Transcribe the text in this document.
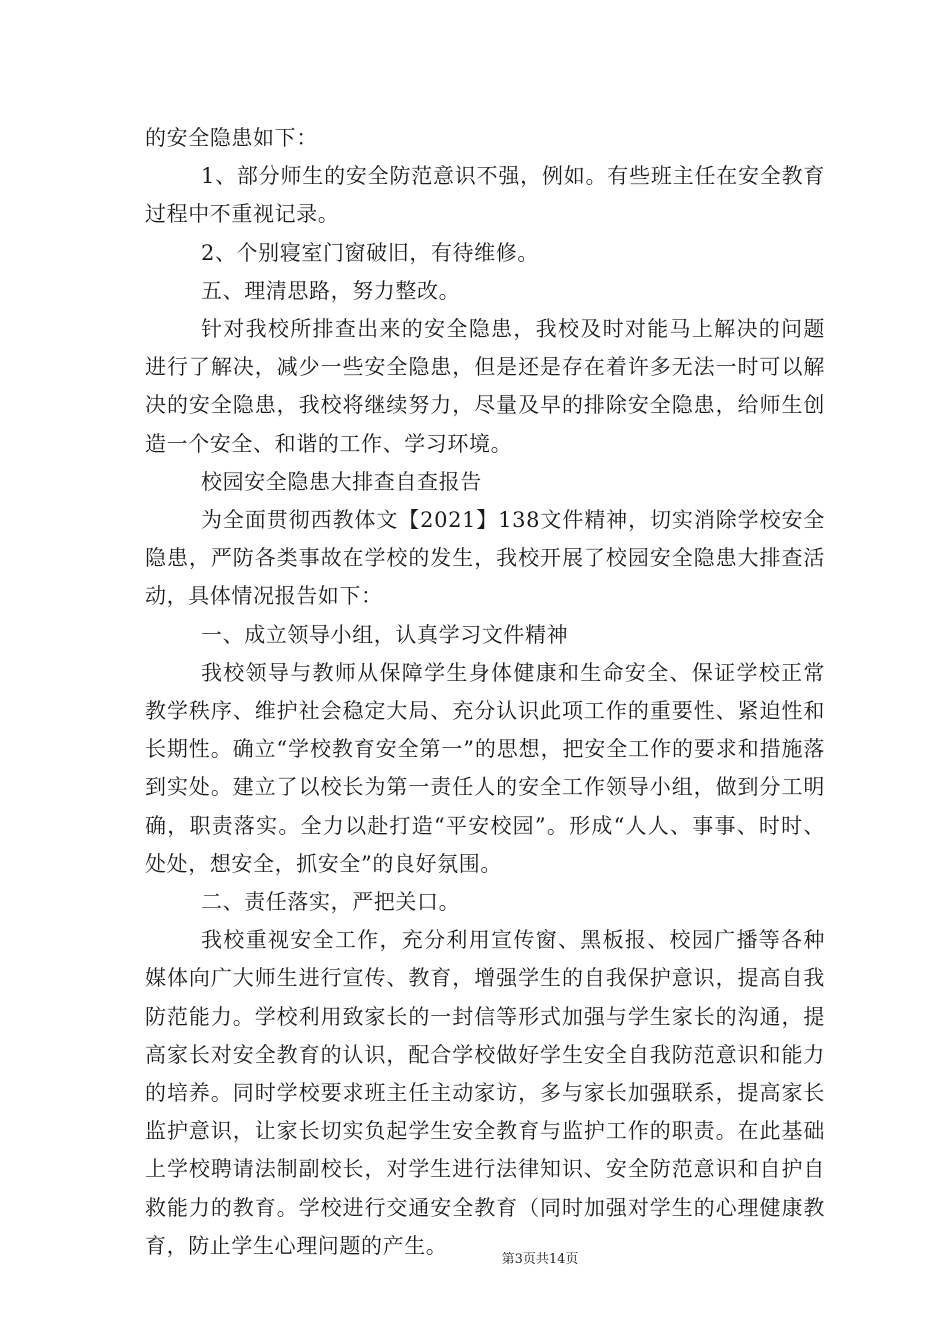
的安全隐患如下：

1、部分师生的安全防范意识不强，例如。有些班主任在安全教育过程中不重视记录。

2、个别寝室门窗破旧，有待维修。

五、理清思路，努力整改。

针对我校所排查出来的安全隐患，我校及时对能马上解决的问题进行了解决，减少一些安全隐患，但是还是存在着许多无法一时可以解决的安全隐患，我校将继续努力，尽量及早的排除安全隐患，给师生创造一个安全、和谐的工作、学习环境。

校园安全隐患大排查自查报告

为全面贯彻西教体文【2021】138文件精神，切实消除学校安全隐患，严防各类事故在学校的发生，我校开展了校园安全隐患大排查活动，具体情况报告如下：

一、成立领导小组，认真学习文件精神

我校领导与教师从保障学生身体健康和生命安全、保证学校正常教学秩序、维护社会稳定大局、充分认识此项工作的重要性、紧迫性和长期性。确立“学校教育安全第一”的思想，把安全工作的要求和措施落到实处。建立了以校长为第一责任人的安全工作领导小组，做到分工明确，职责落实。全力以赴打造“平安校园”。形成“人人、事事、时时、处处，想安全，抓安全”的良好氛围。

二、责任落实，严把关口。

我校重视安全工作，充分利用宣传窗、黑板报、校园广播等各种媒体向广大师生进行宣传、教育，增强学生的自我保护意识，提高自我防范能力。学校利用致家长的一封信等形式加强与学生家长的沟通，提高家长对安全教育的认识，配合学校做好学生安全自我防范意识和能力的培养。同时学校要求班主任主动家访，多与家长加强联系，提高家长监护意识，让家长切实负起学生安全教育与监护工作的职责。在此基础上学校聘请法制副校长，对学生进行法律知识、安全防范意识和自护自救能力的教育。学校进行交通安全教育（同时加强对学生的心理健康教育，防止学生心理问题的产生。

第3页共14页
